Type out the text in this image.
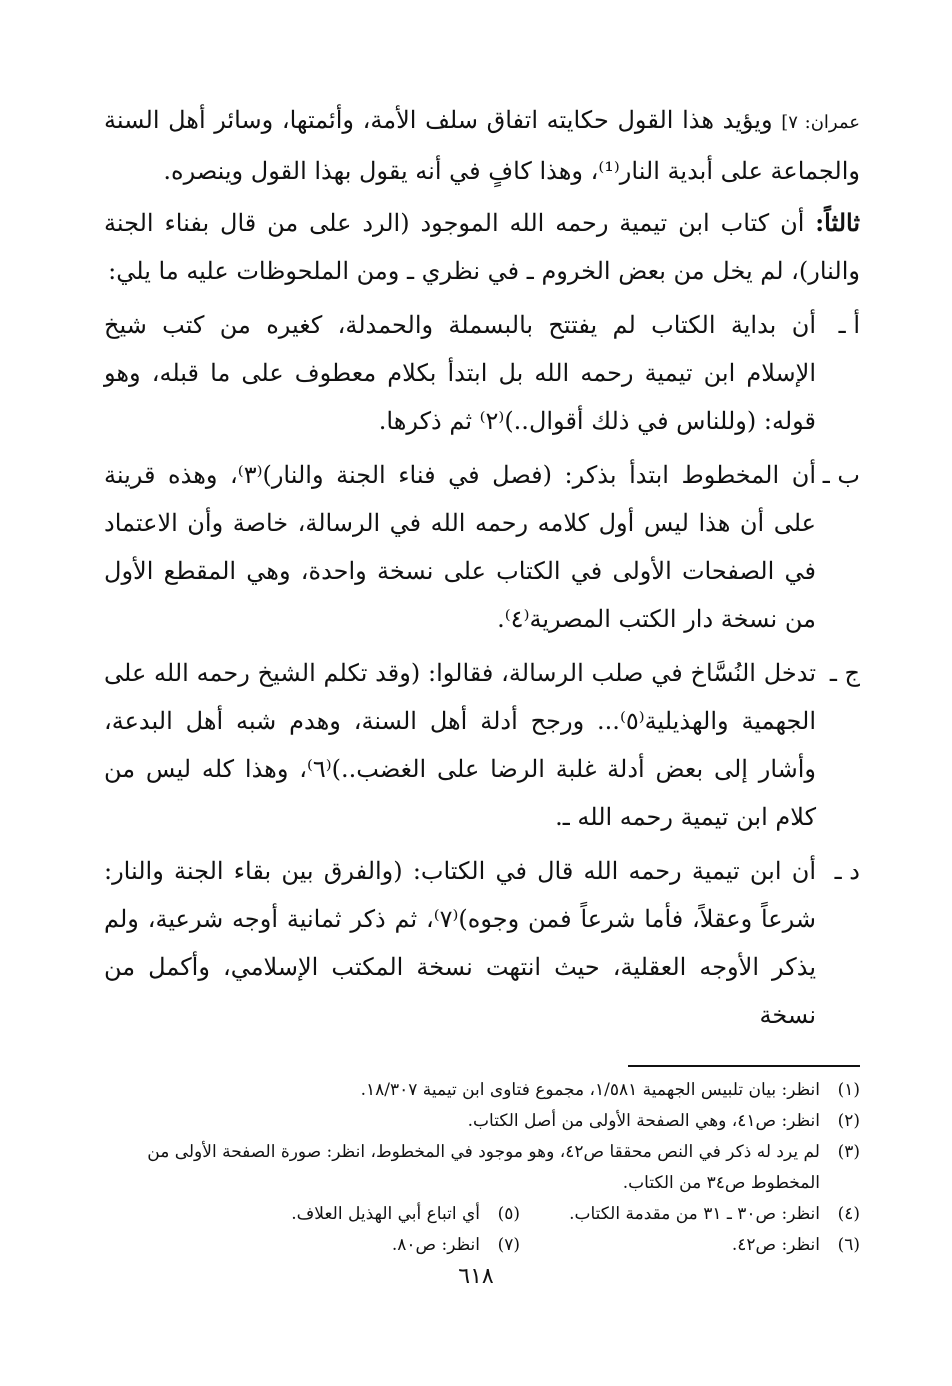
عمران: ٧] ويؤيد هذا القول حكايته اتفاق سلف الأمة، وأئمتها، وسائر أهل السنة والجماعة على أبدية النار⁽¹⁾، وهذا كافٍ في أنه يقول بهذا القول وينصره.

ثالثاً: أن كتاب ابن تيمية رحمه الله الموجود (الرد على من قال بفناء الجنة والنار)، لم يخل من بعض الخروم ـ في نظري ـ ومن الملحوظات عليه ما يلي:

أ ـ
أن بداية الكتاب لم يفتتح بالبسملة والحمدلة، كغيره من كتب شيخ الإسلام ابن تيمية رحمه الله بل ابتدأ بكلام معطوف على ما قبله، وهو قوله: (وللناس في ذلك أقوال..)⁽٢⁾ ثم ذكرها.
ب ـ
أن المخطوط ابتدأ بذكر: (فصل في فناء الجنة والنار)⁽٣⁾، وهذه قرينة على أن هذا ليس أول كلامه رحمه الله في الرسالة، خاصة وأن الاعتماد في الصفحات الأولى في الكتاب على نسخة واحدة، وهي المقطع الأول من نسخة دار الكتب المصرية⁽٤⁾.
ج ـ
تدخل النُسَّاخ في صلب الرسالة، فقالوا: (وقد تكلم الشيخ رحمه الله على الجهمية والهذيلية⁽٥⁾... ورجح أدلة أهل السنة، وهدم شبه أهل البدعة، وأشار إلى بعض أدلة غلبة الرضا على الغضب..)⁽٦⁾، وهذا كله ليس من كلام ابن تيمية رحمه الله ـ.
د ـ
أن ابن تيمية رحمه الله قال في الكتاب: (والفرق بين بقاء الجنة والنار: شرعاً وعقلاً، فأما شرعاً فمن وجوه)⁽٧⁾، ثم ذكر ثمانية أوجه شرعية، ولم يذكر الأوجه العقلية، حيث انتهت نسخة المكتب الإسلامي، وأكمل من نسخة
(١)
انظر: بيان تلبيس الجهمية ١/٥٨١، مجموع فتاوى ابن تيمية ١٨/٣٠٧.
(٢)
انظر: ص٤١، وهي الصفحة الأولى من أصل الكتاب.
(٣)
لم يرد له ذكر في النص محققا ص٤٢، وهو موجود في المخطوط، انظر: صورة الصفحة الأولى من المخطوط ص٣٤ من الكتاب.
(٤)
انظر: ص٣٠ ـ ٣١ من مقدمة الكتاب.
(٥)
أي اتباع أبي الهذيل العلاف.
(٦)
انظر: ص٤٢.
(٧)
انظر: ص٨٠.
٦١٨
